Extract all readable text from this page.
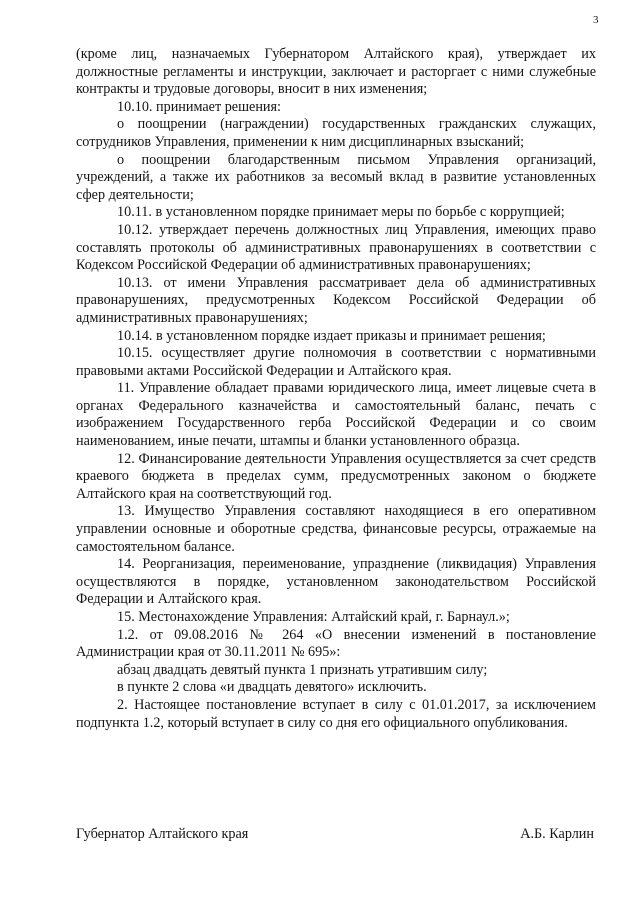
3

(кроме лиц, назначаемых Губернатором Алтайского края), утверждает их должностные регламенты и инструкции, заключает и расторгает с ними служебные контракты и трудовые договоры, вносит в них изменения;

10.10. принимает решения:

о поощрении (награждении) государственных гражданских служащих, сотрудников Управления, применении к ним дисциплинарных взысканий;

о поощрении благодарственным письмом Управления организаций, учреждений, а также их работников за весомый вклад в развитие установленных сфер деятельности;

10.11. в установленном порядке принимает меры по борьбе с коррупцией;

10.12. утверждает перечень должностных лиц Управления, имеющих право составлять протоколы об административных правонарушениях в соответствии с Кодексом Российской Федерации об административных правонарушениях;

10.13. от имени Управления рассматривает дела об административных правонарушениях, предусмотренных Кодексом Российской Федерации об административных правонарушениях;

10.14. в установленном порядке издает приказы и принимает решения;

10.15. осуществляет другие полномочия в соответствии с нормативными правовыми актами Российской Федерации и Алтайского края.

11. Управление обладает правами юридического лица, имеет лицевые счета в органах Федерального казначейства и самостоятельный баланс, печать с изображением Государственного герба Российской Федерации и со своим наименованием, иные печати, штампы и бланки установленного образца.

12. Финансирование деятельности Управления осуществляется за счет средств краевого бюджета в пределах сумм, предусмотренных законом о бюджете Алтайского края на соответствующий год.

13. Имущество Управления составляют находящиеся в его оперативном управлении основные и оборотные средства, финансовые ресурсы, отражаемые на самостоятельном балансе.

14. Реорганизация, переименование, упразднение (ликвидация) Управления осуществляются в порядке, установленном законодательством Российской Федерации и Алтайского края.

15. Местонахождение Управления: Алтайский край, г. Барнаул.»;

1.2. от 09.08.2016 № 264 «О внесении изменений в постановление Администрации края от 30.11.2011 № 695»:

абзац двадцать девятый пункта 1 признать утратившим силу;

в пункте 2 слова «и двадцать девятого» исключить.

2. Настоящее постановление вступает в силу с 01.01.2017, за исключением подпункта 1.2, который вступает в силу со дня его официального опубликования.

Губернатор Алтайского края	А.Б. Карлин
